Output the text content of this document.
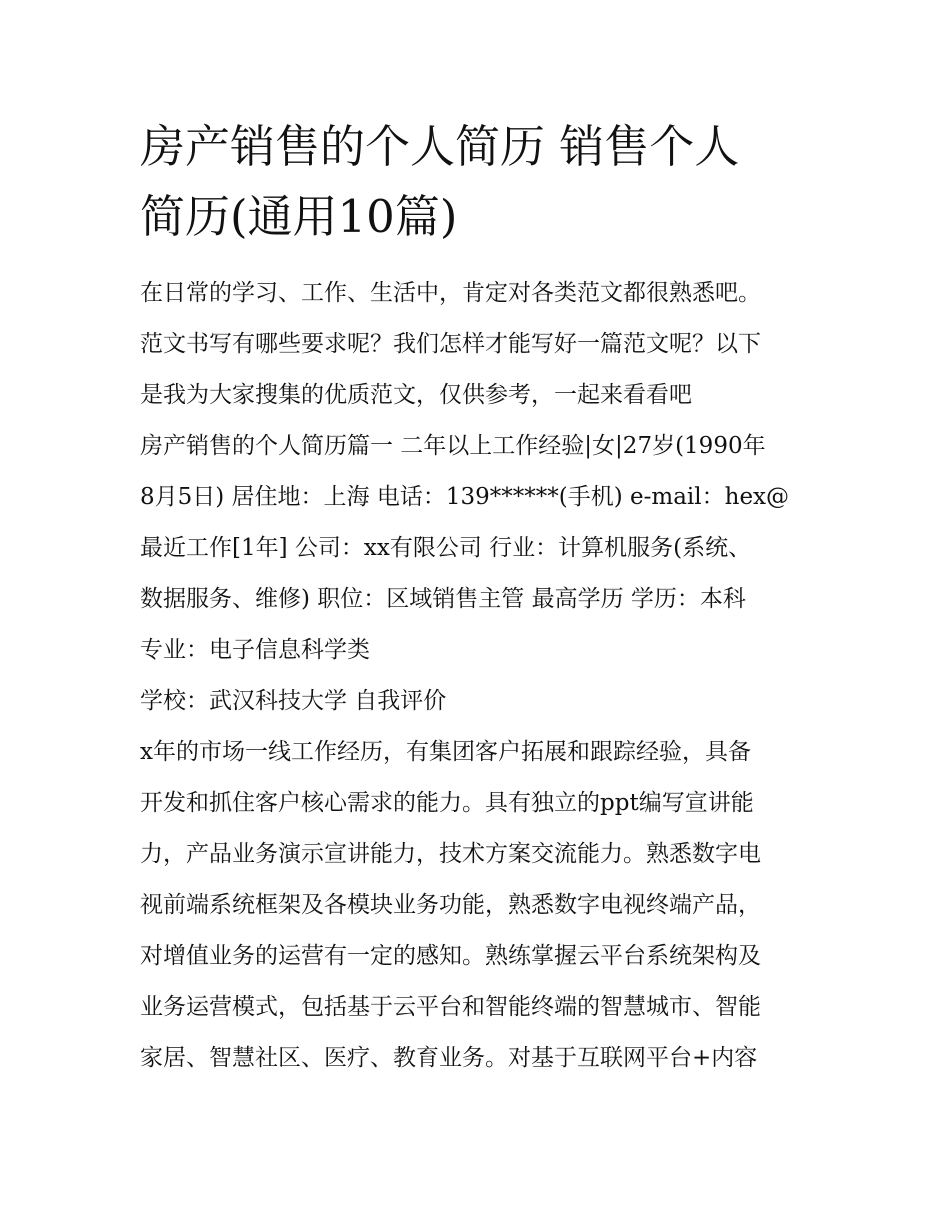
房产销售的个人简历 销售个人
简历(通用10篇)
在日常的学习、工作、生活中，肯定对各类范文都很熟悉吧。
范文书写有哪些要求呢？我们怎样才能写好一篇范文呢？以下
是我为大家搜集的优质范文，仅供参考，一起来看看吧
房产销售的个人简历篇一 二年以上工作经验|女|27岁(1990年
8月5日) 居住地：上海 电话：139******(手机) e-mail：hex@
最近工作[1年] 公司：xx有限公司 行业：计算机服务(系统、
数据服务、维修) 职位：区域销售主管 最高学历 学历：本科
专业：电子信息科学类
学校：武汉科技大学 自我评价
x年的市场一线工作经历，有集团客户拓展和跟踪经验，具备
开发和抓住客户核心需求的能力。具有独立的ppt编写宣讲能
力，产品业务演示宣讲能力，技术方案交流能力。熟悉数字电
视前端系统框架及各模块业务功能，熟悉数字电视终端产品，
对增值业务的运营有一定的感知。熟练掌握云平台系统架构及
业务运营模式，包括基于云平台和智能终端的智慧城市、智能
家居、智慧社区、医疗、教育业务。对基于互联网平台+内容
